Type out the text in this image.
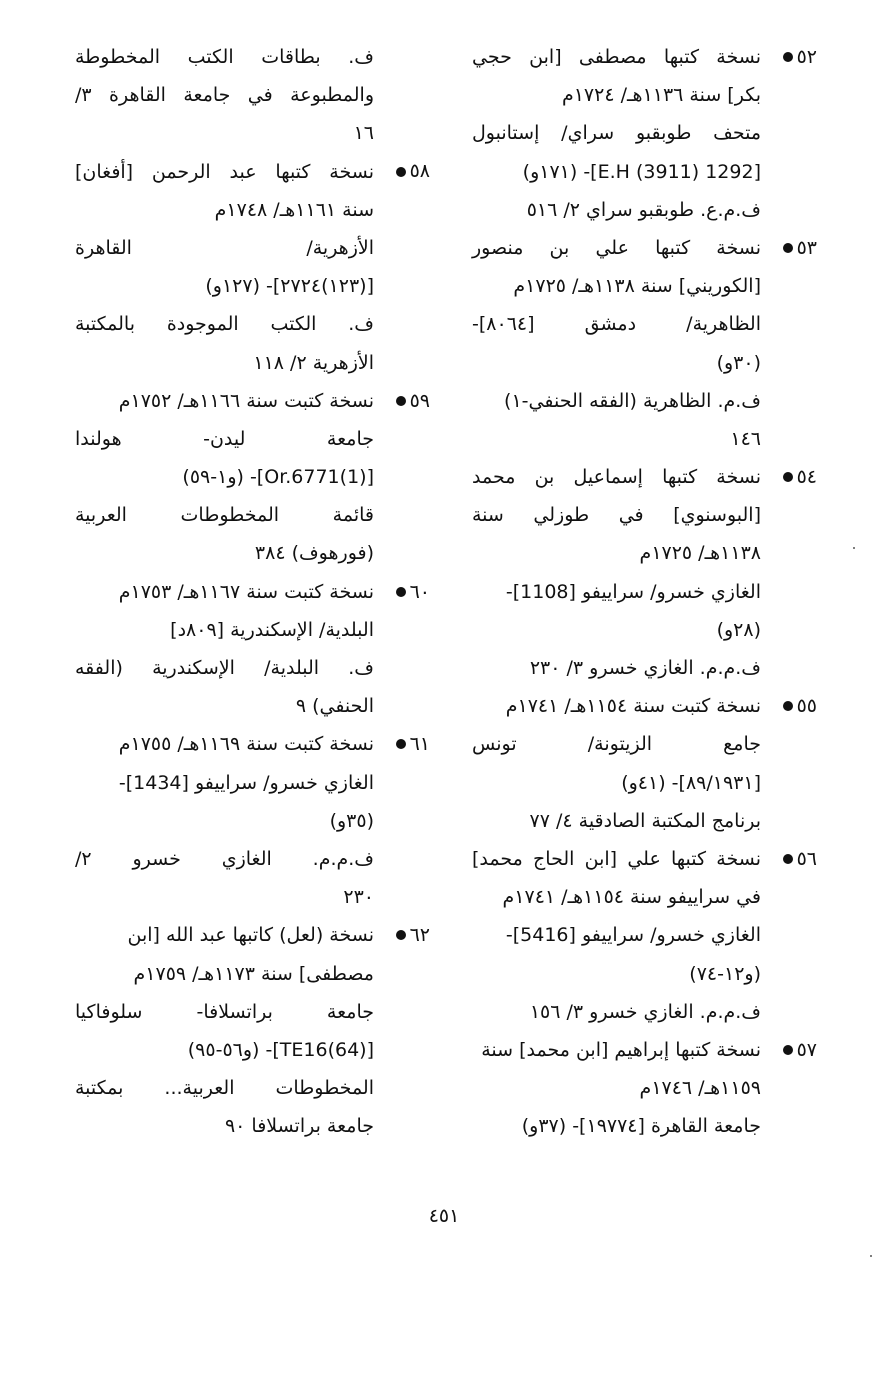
٥٢
نسخة كتبها مصطفى [ابن حجي
بكر] سنة ١١٣٦هـ/ ١٧٢٤م
متحف طوبقبو سراي/ إستانبول
[1292 E.H (3911)]- (١٧١و)
ف.م.ع. طوبقبو سراي ٢/ ٥١٦
٥٣
نسخة كتبها علي بن منصور
[الكوريني] سنة ١١٣٨هـ/ ١٧٢٥م
الظاهرية/ دمشق [٨٠٦٤]-
(٣٠و)
ف.م. الظاهرية (الفقه الحنفي-١)
١٤٦
٥٤
نسخة كتبها إسماعيل بن محمد
[البوسنوي] في طوزلي سنة
١١٣٨هـ/ ١٧٢٥م
الغازي خسرو/ سراييفو [1108]-
(٢٨و)
ف.م.م. الغازي خسرو ٣/ ٢٣٠
٥٥
نسخة كتبت سنة ١١٥٤هـ/ ١٧٤١م
جامع الزيتونة/ تونس
[٨٩/١٩٣١]- (٤١و)
برنامج المكتبة الصادقية ٤/ ٧٧
٥٦
نسخة كتبها علي [ابن الحاج محمد]
في سراييفو سنة ١١٥٤هـ/ ١٧٤١م
الغازي خسرو/ سراييفو [5416]-
(و١٢-٧٤)
ف.م.م. الغازي خسرو ٣/ ١٥٦
٥٧
نسخة كتبها إبراهيم [ابن محمد] سنة
١١٥٩هـ/ ١٧٤٦م
جامعة القاهرة [١٩٧٧٤]- (٣٧و)
ف. بطاقات الكتب المخطوطة
والمطبوعة في جامعة القاهرة ٣/
١٦
٥٨
نسخة كتبها عبد الرحمن [أفغان]
سنة ١١٦١هـ/ ١٧٤٨م
الأزهرية/ القاهرة
[(١٢٣)٢٧٢٤]- (١٢٧و)
ف. الكتب الموجودة بالمكتبة
الأزهرية ٢/ ١١٨
٥٩
نسخة كتبت سنة ١١٦٦هـ/ ١٧٥٢م
جامعة ليدن- هولندا
[Or.6771(1)]- (و١-٥٩)
قائمة المخطوطات العربية
(فورهوف) ٣٨٤
٦٠
نسخة كتبت سنة ١١٦٧هـ/ ١٧٥٣م
البلدية/ الإسكندرية [٨٠٩د]
ف. البلدية/ الإسكندرية (الفقه
الحنفي) ٩
٦١
نسخة كتبت سنة ١١٦٩هـ/ ١٧٥٥م
الغازي خسرو/ سراييفو [1434]-
(٣٥و)
ف.م.م. الغازي خسرو ٢/
٢٣٠
٦٢
نسخة (لعل) كاتبها عبد الله [ابن
مصطفى] سنة ١١٧٣هـ/ ١٧٥٩م
جامعة براتسلافا- سلوفاكيا
[TE16(64)]- (و٥٦-٩٥)
المخطوطات العربية... بمكتبة
جامعة براتسلافا ٩٠
٤٥١
